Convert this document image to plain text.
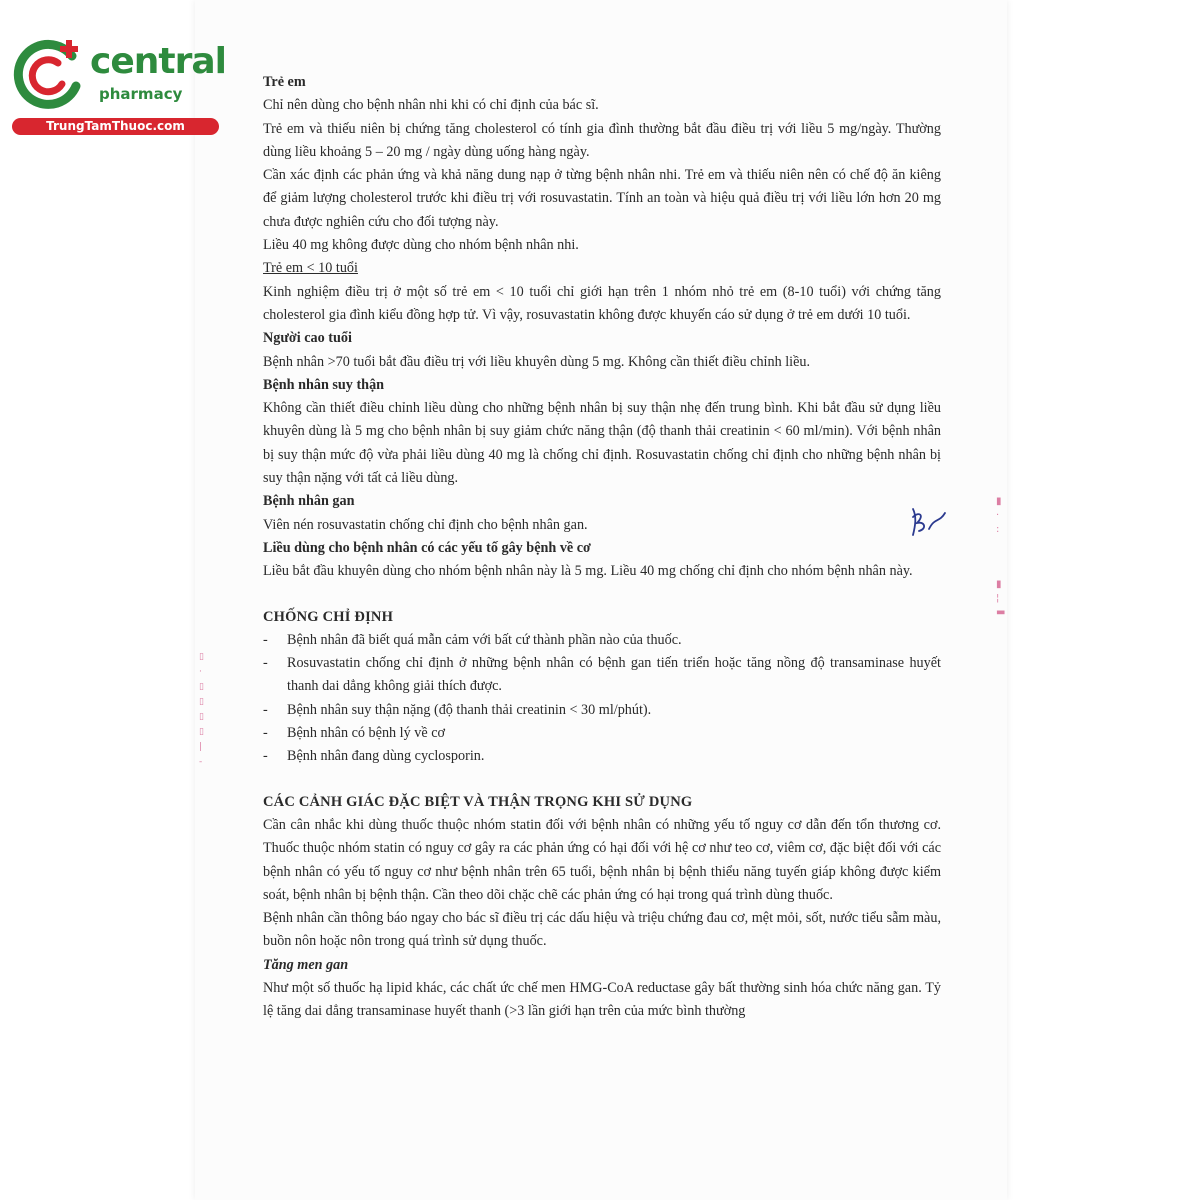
central
pharmacy
TrungTamThuoc.com
▮
·
:
▮
¦
▬
▯
·
▯
▯
▯
▯
|
-

Trẻ em

Chỉ nên dùng cho bệnh nhân nhi khi có chỉ định của bác sĩ.

Trẻ em và thiếu niên bị chứng tăng cholesterol có tính gia đình thường bắt đầu điều trị với liều 5 mg/ngày. Thường dùng liều khoảng 5 – 20 mg / ngày dùng uống hàng ngày.

Cần xác định các phản ứng và khả năng dung nạp ở từng bệnh nhân nhi. Trẻ em và thiếu niên nên có chế độ ăn kiêng để giảm lượng cholesterol trước khi điều trị với rosuvastatin. Tính an toàn và hiệu quả điều trị với liều lớn hơn 20 mg chưa được nghiên cứu cho đối tượng này.

Liều 40 mg không được dùng cho nhóm bệnh nhân nhi.

Trẻ em < 10 tuổi

Kinh nghiệm điều trị ở một số trẻ em < 10 tuổi chỉ giới hạn trên 1 nhóm nhỏ trẻ em (8-10 tuổi) với chứng tăng cholesterol gia đình kiểu đồng hợp tử. Vì vậy, rosuvastatin không được khuyến cáo sử dụng ở trẻ em dưới 10 tuổi.

Người cao tuổi

Bệnh nhân >70 tuổi bắt đầu điều trị với liều khuyên dùng 5 mg. Không cần thiết điều chỉnh liều.

Bệnh nhân suy thận

Không cần thiết điều chỉnh liều dùng cho những bệnh nhân bị suy thận nhẹ đến trung bình. Khi bắt đầu sử dụng liều khuyên dùng là 5 mg cho bệnh nhân bị suy giảm chức năng thận (độ thanh thải creatinin < 60 ml/min). Với bệnh nhân bị suy thận mức độ vừa phải liều dùng 40 mg là chống chỉ định. Rosuvastatin chống chỉ định cho những bệnh nhân bị suy thận nặng với tất cả liều dùng.

Bệnh nhân gan

Viên nén rosuvastatin chống chỉ định cho bệnh nhân gan.

Liều dùng cho bệnh nhân có các yếu tố gây bệnh về cơ

Liều bắt đầu khuyên dùng cho nhóm bệnh nhân này là 5 mg. Liều 40 mg chống chỉ định cho nhóm bệnh nhân này.

CHỐNG CHỈ ĐỊNH

- Bệnh nhân đã biết quá mẫn cảm với bất cứ thành phần nào của thuốc.
- Rosuvastatin chống chỉ định ở những bệnh nhân có bệnh gan tiến triển hoặc tăng nồng độ transaminase huyết thanh dai dẳng không giải thích được.
- Bệnh nhân suy thận nặng (độ thanh thải creatinin < 30 ml/phút).
- Bệnh nhân có bệnh lý về cơ
- Bệnh nhân đang dùng cyclosporin.

CÁC CẢNH GIÁC ĐẶC BIỆT VÀ THẬN TRỌNG KHI SỬ DỤNG

Cần cân nhắc khi dùng thuốc thuộc nhóm statin đối với bệnh nhân có những yếu tố nguy cơ dẫn đến tổn thương cơ. Thuốc thuộc nhóm statin có nguy cơ gây ra các phản ứng có hại đối với hệ cơ như teo cơ, viêm cơ, đặc biệt đối với các bệnh nhân có yếu tố nguy cơ như bệnh nhân trên 65 tuổi, bệnh nhân bị bệnh thiểu năng tuyến giáp không được kiểm soát, bệnh nhân bị bệnh thận. Cần theo dõi chặc chẽ các phản ứng có hại trong quá trình dùng thuốc.

Bệnh nhân cần thông báo ngay cho bác sĩ điều trị các dấu hiệu và triệu chứng đau cơ, mệt mỏi, sốt, nước tiểu sẫm màu, buồn nôn hoặc nôn trong quá trình sử dụng thuốc.

Tăng men gan

Như một số thuốc hạ lipid khác, các chất ức chế men HMG-CoA reductase gây bất thường sinh hóa chức năng gan. Tỷ lệ tăng dai dẳng transaminase huyết thanh (>3 lần giới hạn trên của mức bình thường
